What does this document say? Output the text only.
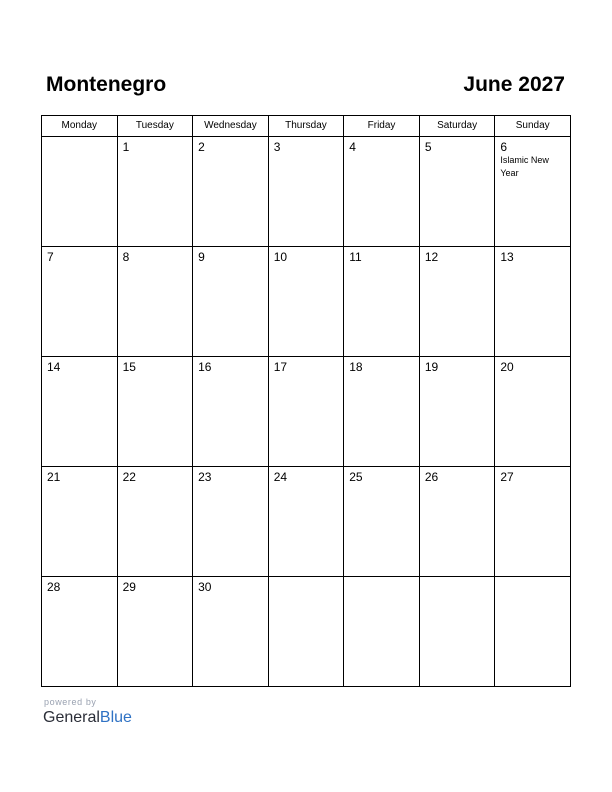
Montenegro	June 2027
Monday	Tuesday	Wednesday	Thursday	Friday	Saturday	Sunday

	1	2	3	4	5	6
Islamic New Year

7	8	9	10	11	12	13

14	15	16	17	18	19	20

21	22	23	24	25	26	27

28	29	30				

powered by
GeneralBlue
